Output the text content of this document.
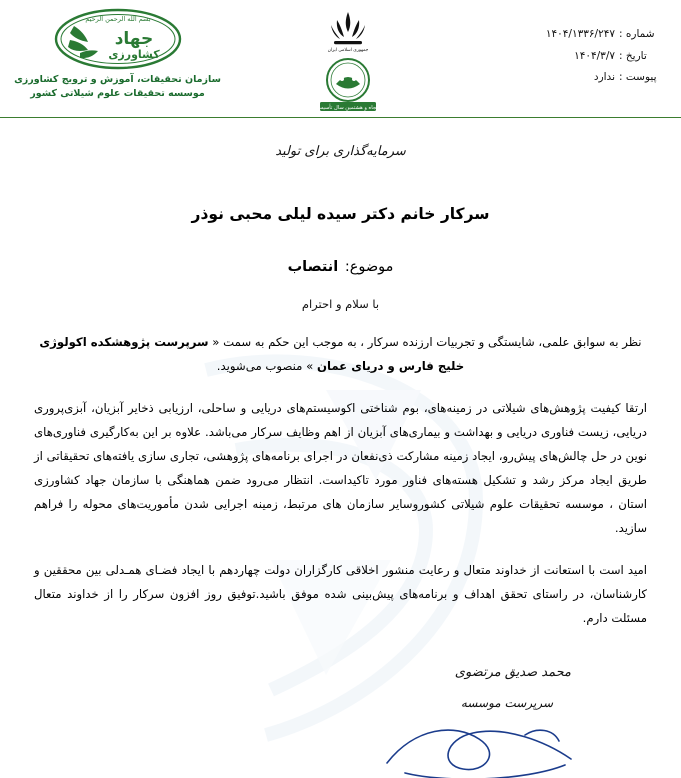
بسم الله الرحمن الرحیم
جهاد
کشاورزی
سازمان تحقیقات، آموزش و ترویج کشاورزی
موسسه تحقیقات علوم شیلاتی کشور
جمهوری اسلامی ایران
پنجاه و هشتمین سال تأسیس
شماره :
۱۴۰۴/۱۳۳۶/۲۴۷
تاریخ :
۱۴۰۴/۳/۷
پیوست :
ندارد
سرمایه‌گذاری برای تولید
سرکار خانم دکتر سیده لیلی محبی نوذر
موضوع: انتصاب
با سلام و احترام

نظر به سوابق علمی، شایستگی و تجربیات ارزنده سرکار ، به موجب این حکم به سمت « سرپرست پژوهشکده اکولوژی خلیج فارس و دریای عمان » منصوب می‌شوید.

ارتقا کیفیت پژوهش‌های شیلاتی در زمینه‌های، بوم شناختی اکوسیستم‌های دریایی و ساحلی، ارزیابی ذخایر آبزیان، آبزی‌پروری دریایی، زیست فناوری دریایی و بهداشت و بیماری‌های آبزیان از اهم وظایف سرکار می‌باشد. علاوه بر این به‌کارگیری فناوری‌های نوین در حل چالش‌های پیش‌رو، ایجاد زمینه مشارکت ذی‌نفعان در اجرای برنامه‌های پژوهشی، تجاری سازی یافته‌های تحقیقاتی از طریق ایجاد مرکز رشد و تشکیل هسته‌های فناور مورد تاکیداست. انتظار می‌رود ضمن هماهنگی با سازمان جهاد کشاورزی استان ، موسسه تحقیقات علوم شیلاتی کشوروسایر سازمان های مرتبط، زمینه اجرایی شدن مأموریت‌های محوله را فراهم سازید.

امید است با استعانت از خداوند متعال و رعایت منشور اخلاقی کارگزاران دولت چهاردهم با ایجاد فضـای همـدلی بین محققین و کارشناسان، در راستای تحقق اهداف و برنامه‌های پیش‌بینی شده موفق باشید.توفیق روز افزون سرکار را از خداوند متعال مسئلت دارم.

محمد صدیق مرتضوی
سرپرست موسسه
